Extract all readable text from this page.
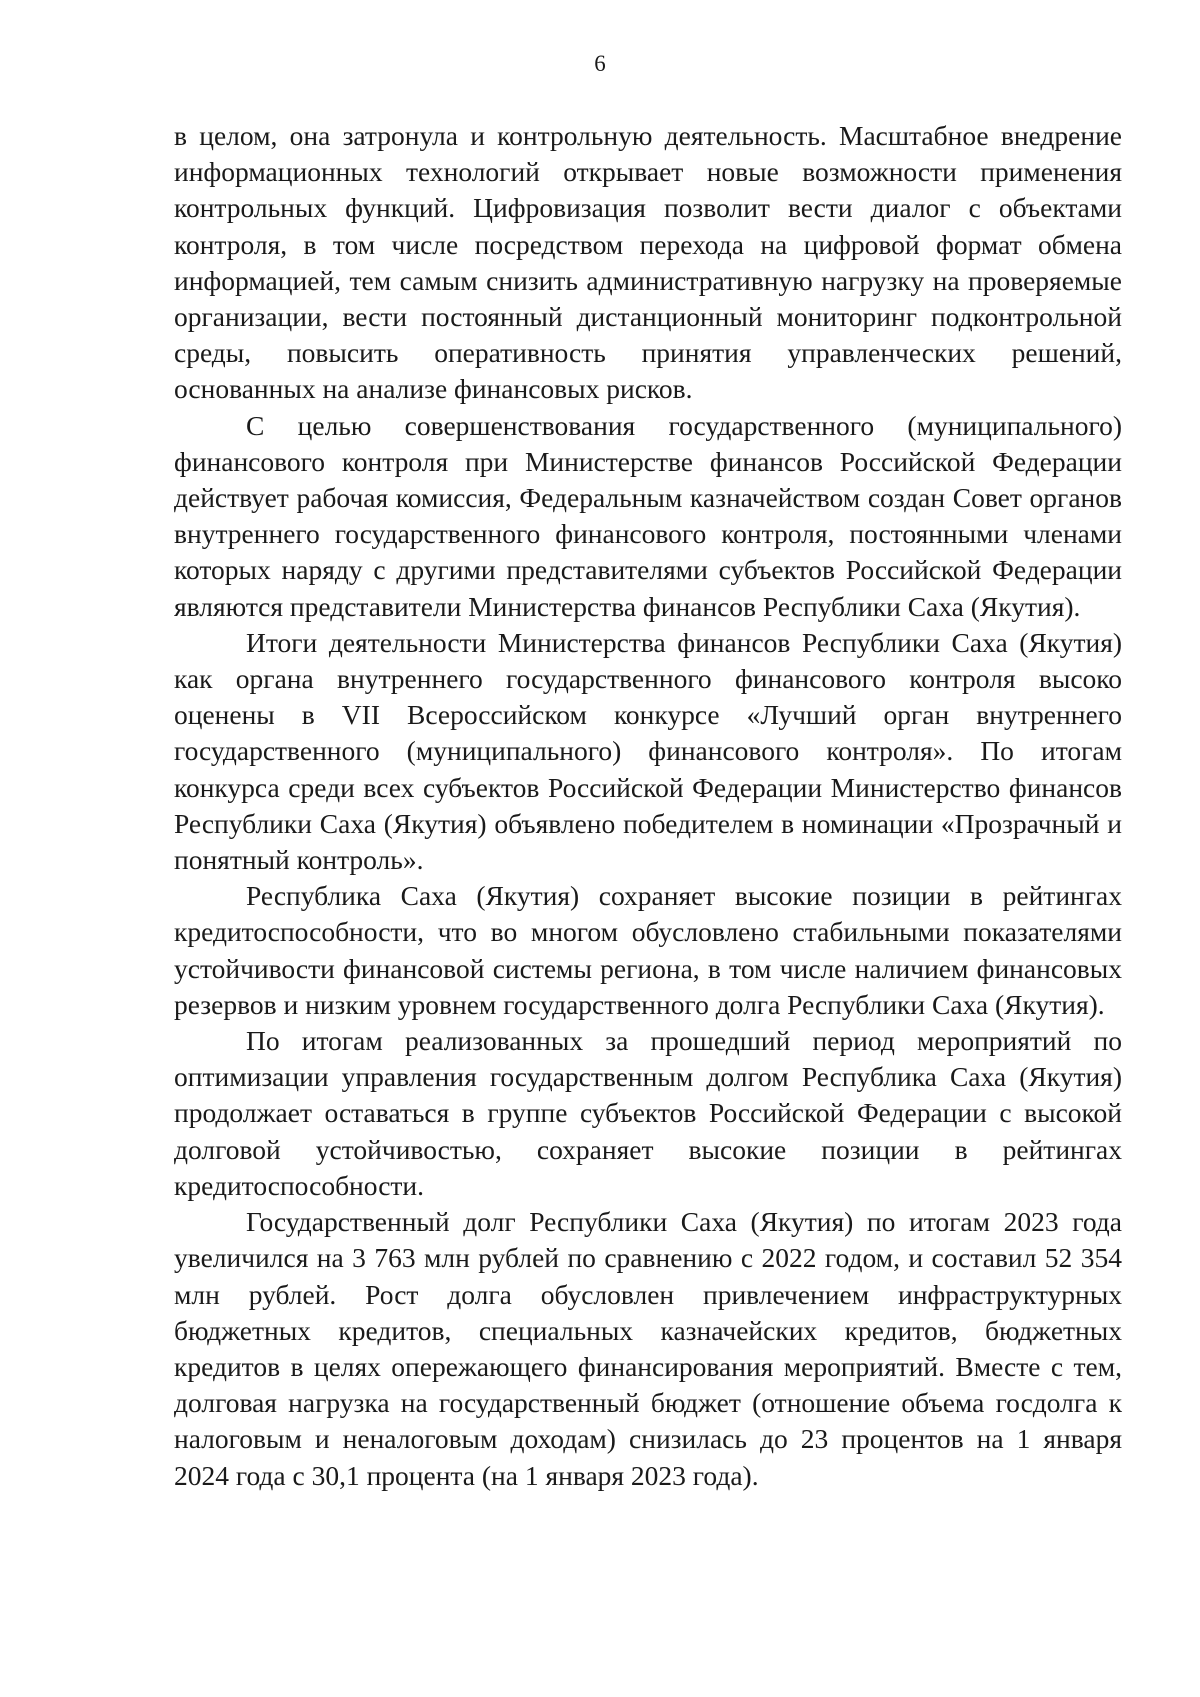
6

в целом, она затронула и контрольную деятельность. Масштабное внедрение информационных технологий открывает новые возможности применения контрольных функций. Цифровизация позволит вести диалог с объектами контроля, в том числе посредством перехода на цифровой формат обмена информацией, тем самым снизить административную нагрузку на проверяемые организации, вести постоянный дистанционный мониторинг подконтрольной среды, повысить оперативность принятия управленческих решений, основанных на анализе финансовых рисков.

С целью совершенствования государственного (муниципального) финансового контроля при Министерстве финансов Российской Федерации действует рабочая комиссия, Федеральным казначейством создан Совет органов внутреннего государственного финансового контроля, постоянными членами которых наряду с другими представителями субъектов Российской Федерации являются представители Министерства финансов Республики Саха (Якутия).

Итоги деятельности Министерства финансов Республики Саха (Якутия) как органа внутреннего государственного финансового контроля высоко оценены в VII Всероссийском конкурсе «Лучший орган внутреннего государственного (муниципального) финансового контроля». По итогам конкурса среди всех субъектов Российской Федерации Министерство финансов Республики Саха (Якутия) объявлено победителем в номинации «Прозрачный и понятный контроль».

Республика Саха (Якутия) сохраняет высокие позиции в рейтингах кредитоспособности, что во многом обусловлено стабильными показателями устойчивости финансовой системы региона, в том числе наличием финансовых резервов и низким уровнем государственного долга Республики Саха (Якутия).

По итогам реализованных за прошедший период мероприятий по оптимизации управления государственным долгом Республика Саха (Якутия) продолжает оставаться в группе субъектов Российской Федерации с высокой долговой устойчивостью, сохраняет высокие позиции в рейтингах кредитоспособности.

Государственный долг Республики Саха (Якутия) по итогам 2023 года увеличился на 3 763 млн рублей по сравнению с 2022 годом, и составил 52 354 млн рублей. Рост долга обусловлен привлечением инфраструктурных бюджетных кредитов, специальных казначейских кредитов, бюджетных кредитов в целях опережающего финансирования мероприятий. Вместе с тем, долговая нагрузка на государственный бюджет (отношение объема госдолга к налоговым и неналоговым доходам) снизилась до 23 процентов на 1 января 2024 года с 30,1 процента (на 1 января 2023 года).
